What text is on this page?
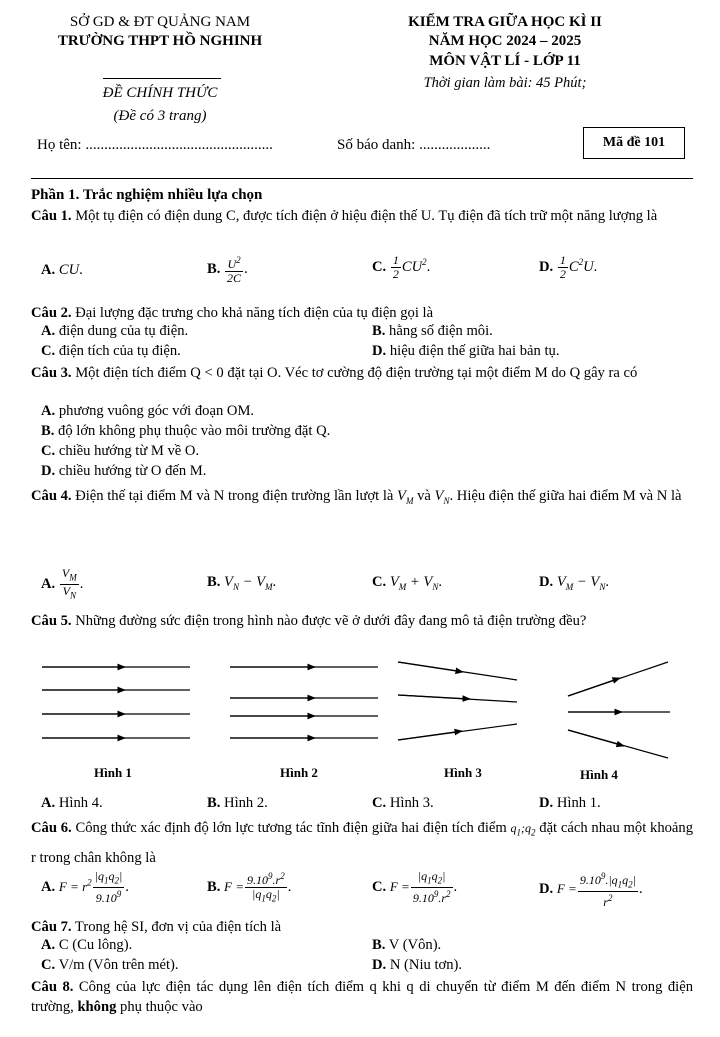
SỞ GD & ĐT QUẢNG NAM
TRƯỜNG THPT HỒ NGHINH
ĐỀ CHÍNH THỨC
(Đề có 3 trang)
KIỂM TRA GIỮA HỌC KÌ II
NĂM HỌC 2024 – 2025
MÔN VẬT LÍ - LỚP 11
Thời gian làm bài: 45 Phút;
Họ tên: ..................................................	Số báo danh: ...................	Mã đề 101
Phần 1. Trắc nghiệm nhiều lựa chọn
Câu 1. Một tụ điện có điện dung C, được tích điện ở hiệu điện thế U. Tụ điện đã tích trữ một năng lượng là
A. CU.	B. $\frac{U^2}{2C}$ .	C. $\frac{1}{2} CU^2$.	D. $\frac{1}{2} C^2U$.
Câu 2. Đại lượng đặc trưng cho khả năng tích điện của tụ điện gọi là
A. điện dung của tụ điện.	B. hằng số điện môi.
C. điện tích của tụ điện.	D. hiệu điện thế giữa hai bản tụ.
Câu 3. Một điện tích điểm Q < 0 đặt tại O. Véc tơ cường độ điện trường tại một điểm M do Q gây ra có
A. phương vuông góc với đoạn OM.
B. độ lớn không phụ thuộc vào môi trường đặt Q.
C. chiều hướng từ M về O.
D. chiều hướng từ O đến M.
Câu 4. Điện thế tại điểm M và N trong điện trường lần lượt là $V_M$ và $V_N$. Hiệu điện thế giữa hai điểm M và N là
A. $\frac{V_M}{V_N}$ .	B. $V_N - V_M$.	C. $V_M + V_N$.	D. $V_M - V_N$.
Câu 5. Những đường sức điện trong hình nào được vẽ ở dưới đây đang mô tả điện trường đều?
Hình 1	Hình 2	Hình 3	Hình 4
A. Hình 4.	B. Hình 2.	C. Hình 3.	D. Hình 1.
Câu 6. Công thức xác định độ lớn lực tương tác tĩnh điện giữa hai điện tích điểm $q_1;q_2$ đặt cách nhau một khoảng r trong chân không là
A. $F = r^2 \frac{|q_1q_2|}{9.10^9}$ .	B. $F = \frac{9.10^9.r^2}{|q_1q_2|}$ .	C. $F = \frac{|q_1q_2|}{9.10^9.r^2}$ .	D. $F = \frac{9.10^9.|q_1q_2|}{r^2}$ .
Câu 7. Trong hệ SI, đơn vị của điện tích là
A. C (Cu lông).	B. V (Vôn).
C. V/m (Vôn trên mét).	D. N (Niu tơn).
Câu 8. Công của lực điện tác dụng lên điện tích điểm q khi q di chuyển từ điểm M đến điểm N trong điện trường, không phụ thuộc vào
